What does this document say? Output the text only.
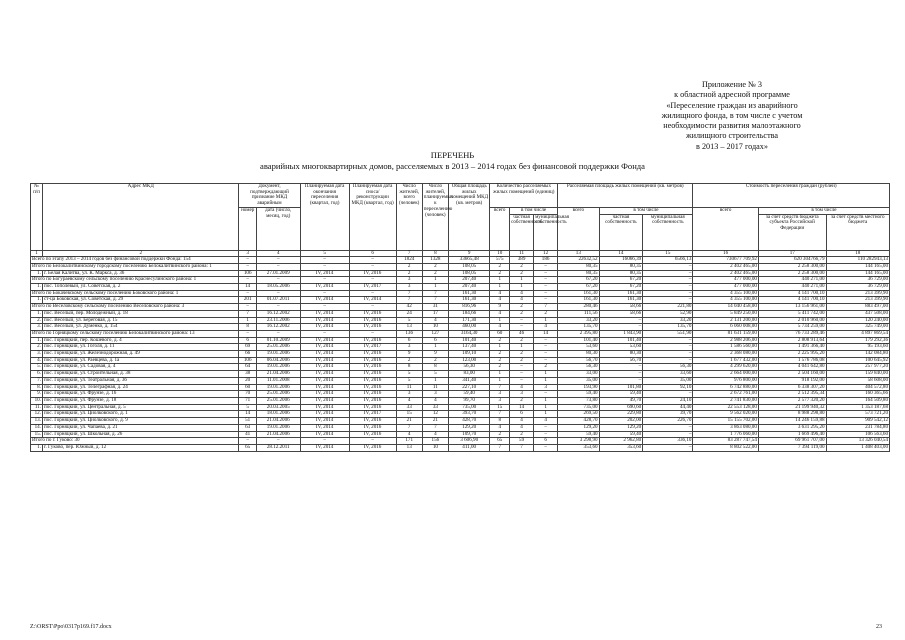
Приложение № 3
к областной адресной программе
«Переселение граждан из аварийного
жилищного фонда, в том числе с учетом
необходимости развития малоэтажного
жилищного строительства
в 2013 – 2017 годах»
ПЕРЕЧЕНЬ
аварийных многоквартирных домов, расселяемых в 2013 – 2014 годах без финансовой поддержки Фонда
№ п/п	Адрес МКД	Документ, подтверждающий признание МКД аварийным		Планируемая дата окончания переселения (квартал, год)	Планируемая дата сноса/ реконструкции МКД (квартал, год)	Число жителей, всего (человек)	Число жителей, планируемых к переселению (человек)	Общая площадь жилых помещений МКД (кв. метров)	Количество расселяемых жилых помещений (единиц)			Расселяемая площадь жилых помещений (кв. метров)			Стоимость переселения граждан (рублей)		
		номер	дата (число, месяц, год)						всего	в том числе		всего	в том числе		всего	в том числе	
										частная собственность	муниципальная собственность		частная собственность	муниципальная собственность		за счет средств бюджета субъекта Российской Федерации	за счет средств местного бюджета
1	2	3	4	5	6	7	8	9	10	11	12	13	14	15	16	17	18
Всего по этапу 2013 – 2014 годов без финансовой поддержки Фонда: 154		–	–	–	–	1824	1328	33665,48	575	389	186	22632,52	16066,39	6566,13	730677 709,92	620 304766,79	110 282943,13
Итого по Белокалитвинскому городскому поселению Белокалитвинского района: 1		–	–	–	–	2	2	108,05	2	2	–	80,35	80,35	–	2 402 465,00	2 258 300,00	144 165,00
1.	г. Белая Калитва, ул. К. Маркса, д. 36	106	27.01.2009	IV, 2014	IV, 2016	2	2	108,05	2	2	–	80,35	80,35	–	2 402 465,00	2 258 300,00	144 165,00
Итого по Богураевскому сельскому поселению Краснесулинского района: 1		–	–	–	–	3	1	207,40	1	1	–	67,20	67,20	–	477 000,00	440 271,00	36 729,00
1.	пос. Тополевый, ул. Советская, д. 2	14	18.05.2006	IV, 2014	IV, 2017	3	1	207,40	1	1	–	67,20	67,20	–	477 000,00	440 271,00	36 729,00
Итого по Бокачевскому сельскому поселению Боковского района: 1		–	–	–	–	7	7	161,30	4	4	–	161,30	161,30	–	4 355 100,00	4 141 700,10	213 399,90
1.	ст-ца Боковская, ул. Советская, д. 29	201	01.07.2011	IV, 2014	IV, 2014	7	7	161,30	4	4	–	161,30	161,30	–	4 355 100,00	4 141 700,10	213 399,90
Итого по Веселовскому сельскому поселению Веселовского района: 3		–	–	–	–	42	31	816,96	9	2	7	280,46	58,66	221,80	14 040 458,00	13 156 961,00	883 497,00
1.	пос. Веселый, пер. Молодежный, д. 18	7	16.12.2002	IV, 2014	IV, 2016	24	17	184,66	4	2	2	111,56	58,66	52,90	5 849 250,00	5 411 742,00	437 508,00
2.	пос. Веселый, ул. Береговая, д. 15	1	23.11.2006	IV, 2014	IV, 2016	5	4	171,30	1	–	1	33,20	–	33,20	2 131 200,00	2 010 960,00	120 240,00
3.	пос. Веселый, ул. Думенко, д. 154	8	16.12.2002	IV, 2014	IV, 2016	13	10	460,00	4	–	4	135,70	–	135,70	6 060 008,00	5 734 259,00	325 749,00
Итого по Горняцкому сельскому поселению Белокалитвинского района: 13		–	–	–	–	136	127	3164,30	60	46	14	2 395,80	1 843,90	551,90	81 631 159,00	76 733 289,46	4 897 869,54
1.	пос. Горняцкий, пер. Кошевого, д. 4	6	01.10.2009	IV, 2014	IV, 2016	6	6	101,40	2	2	–	101,40	101,40	–	2 988 206,00	2 808 913,64	179 292,36
2.	пос. Горняцкий, ул. Гоголя, д. 11	69	25.01.2006	IV, 2014	IV, 2017	3	1	137,40	1	1	–	53,60	53,60	–	1 586 560,00	1 491 366,40	95 193,60
3.	пос. Горняцкий, ул. Железнодорожная, д. 49	66	19.01.2006	IV, 2014	IV, 2016	9	9	109,10	2	2	–	80,30	80,30	–	2 368 080,00	2 225 995,20	142 084,80
4.	пос. Горняцкий, ул. Раевцева, д. 1а	106	06.04.2006	IV, 2014	IV, 2016	2	2	123,00	2	2	–	56,70	56,70	–	1 677 432,00	1 576 786,08	100 645,92
5.	пос. Горняцкий, ул. Садовая, д. 4	64	19.01.2006	IV, 2014	IV, 2016	8	8	56,30	2	–	2	56,30	–	56,30	4 299 620,00	4 041 642,80	257 977,20
6.	пос. Горняцкий, ул. Строительная, д. 38	38	21.04.2006	IV, 2014	IV, 2016	5	5	83,00	1	–	1	33,00	–	33,60	2 664 000,00	2 504 160,00	159 840,00
7.	пос. Горняцкий, ул. Театральная, д. 36	20	11.01.2008	IV, 2014	IV, 2016	5	1	341,40	1	–	1	35,00	–	35,00	976 800,00	918 192,00	58 608,00
8.	пос. Горняцкий, ул. Телеграфная, д. 24	60	19.01.2006	IV, 2014	IV, 2016	11	11	227,10	7	4	3	193,90	101,80	92,10	6 742 880,00	6 338 307,20	404 572,80
9.	пос. Горняцкий, ул. Фрунзе, д. 16	70	25.01.2006	IV, 2014	IV, 2016	3	3	59,40	3	3	–	59,40	59,40	–	2 672 761,00	2 512 395,34	160 365,66
10.	пос. Горняцкий, ул. Фрунзе, д. 18	71	25.01.2006	IV, 2014	IV, 2016	4	4	99,70	3	2	1	73,80	49,70	24,10	2 741 830,00	2 577 320,20	164 509,80
11.	пос. Горняцкий, ул. Центральная, д. 5	5	20.03.2005	IV, 2014	IV, 2016	33	33	735,00	15	14	1	735,00	690,60	44,40	22 553 128,00	21 199 940,32	1 353 187,68
12.	пос. Горняцкий, ул. Циолковского, д. 1	14	18.01.2006	IV, 2014	IV, 2017	15	12	393,70	7	6	1	269,50	229,80	39,70	9 562 020,00	8 988 298,80	573 721,20
13.	пос. Горняцкий, ул. Циолковского, д. 9	51	21.04.2006	IV, 2014	IV, 2016	21	21	428,70	8	4	4	428,70	202,00	226,70	15 155 702,00	14 246 159,88	909 542,12
14.	пос. Горняцкий, ул. Чапаева, д. 21	63	19.01.2006	IV, 2014	IV, 2016	7	7	129,20	4	4	–	129,20	129,20	–	3 863 080,00	3 631 295,20	231 784,80
15.	пос. Горняцкий, ул. Школьная, д. 26	41	21.04.2006	IV, 2014	IV, 2016	4	4	109,70	2	2	–	59,40	59,40	–	1 776 060,00	1 669 496,40	106 563,60
Итого по г. Гуково: 30		–	–	–	–	171	156	3 606,90	65	59	6	3 298,90	2 962,80	336,10	83 287 747,54	69 961 707,00	13 326 040,54
1.	г. Гуково, пер. Южный, д. 12	65	28.12.2011	IV, 2014	IV, 2016	13	10	411,00	7	7	–	353,60	353,60	–	8 802 522,00	7 394 119,00	1 408 403,00
Z:\ORST\Ppo\0317p169.f17.docx	23
